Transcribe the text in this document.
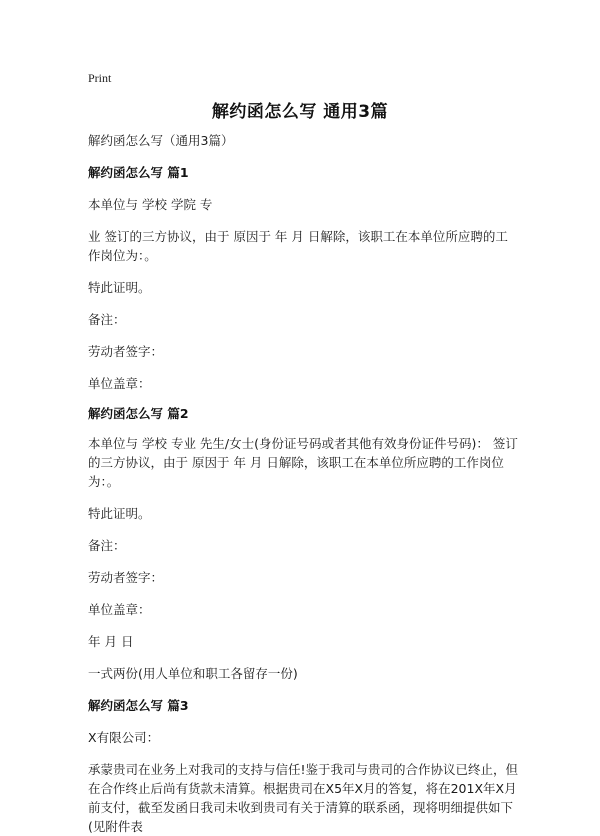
Print
解约函怎么写 通用3篇

解约函怎么写（通用3篇）

解约函怎么写 篇1

本单位与 学校 学院 专

业 签订的三方协议，由于 原因于 年 月 日解除，该职工在本单位所应聘的工作岗位为：。

特此证明。

备注：

劳动者签字：

单位盖章：

解约函怎么写 篇2

本单位与 学校 专业 先生/女士(身份证号码或者其他有效身份证件号码)： 签订的三方协议，由于 原因于 年 月 日解除，该职工在本单位所应聘的工作岗位为：。

特此证明。

备注：

劳动者签字：

单位盖章：

年 月 日

一式两份(用人单位和职工各留存一份)

解约函怎么写 篇3

X有限公司：

承蒙贵司在业务上对我司的支持与信任!鉴于我司与贵司的合作协议已终止，但在合作终止后尚有货款未清算。根据贵司在X5年X月的答复，将在201X年X月前支付，截至发函日我司未收到贵司有关于清算的联系函，现将明细提供如下(见附件表
